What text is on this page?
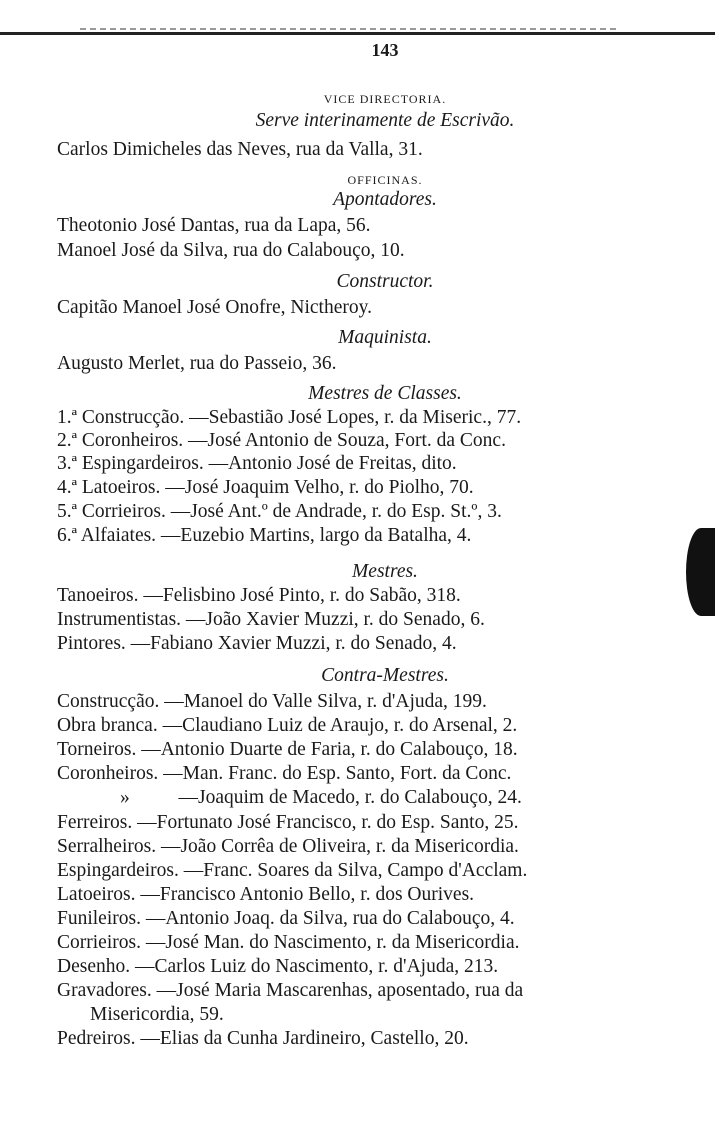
143
VICE DIRECTORIA.
Serve interinamente de Escrivão.
Carlos Dimicheles das Neves, rua da Valla, 31.
OFFICINAS.
Apontadores.
Theotonio José Dantas, rua da Lapa, 56.
Manoel José da Silva, rua do Calabouço, 10.
Constructor.
Capitão Manoel José Onofre, Nictheroy.
Maquinista.
Augusto Merlet, rua do Passeio, 36.
Mestres de Classes.
1.ª Construcção. —Sebastião José Lopes, r. da Miseric., 77.
2.ª Coronheiros. —José Antonio de Souza, Fort. da Conc.
3.ª Espingardeiros. —Antonio José de Freitas, dito.
4.ª Latoeiros. —José Joaquim Velho, r. do Piolho, 70.
5.ª Corrieiros. —José Ant.º de Andrade, r. do Esp. St.º, 3.
6.ª Alfaiates. —Euzebio Martins, largo da Batalha, 4.
Mestres.
Tanoeiros. —Felisbino José Pinto, r. do Sabão, 318.
Instrumentistas. —João Xavier Muzzi, r. do Senado, 6.
Pintores. —Fabiano Xavier Muzzi, r. do Senado, 4.
Contra-Mestres.
Construcção. —Manoel do Valle Silva, r. d'Ajuda, 199.
Obra branca. —Claudiano Luiz de Araujo, r. do Arsenal, 2.
Torneiros. —Antonio Duarte de Faria, r. do Calabouço, 18.
Coronheiros. —Man. Franc. do Esp. Santo, Fort. da Conc.
»          —Joaquim de Macedo, r. do Calabouço, 24.
Ferreiros. —Fortunato José Francisco, r. do Esp. Santo, 25.
Serralheiros. —João Corrêa de Oliveira, r. da Misericordia.
Espingardeiros. —Franc. Soares da Silva, Campo d'Acclam.
Latoeiros. —Francisco Antonio Bello, r. dos Ourives.
Funileiros. —Antonio Joaq. da Silva, rua do Calabouço, 4.
Corrieiros. —José Man. do Nascimento, r. da Misericordia.
Desenho. —Carlos Luiz do Nascimento, r. d'Ajuda, 213.
Gravadores. —José Maria Mascarenhas, aposentado, rua da
Misericordia, 59.
Pedreiros. —Elias da Cunha Jardineiro, Castello, 20.
